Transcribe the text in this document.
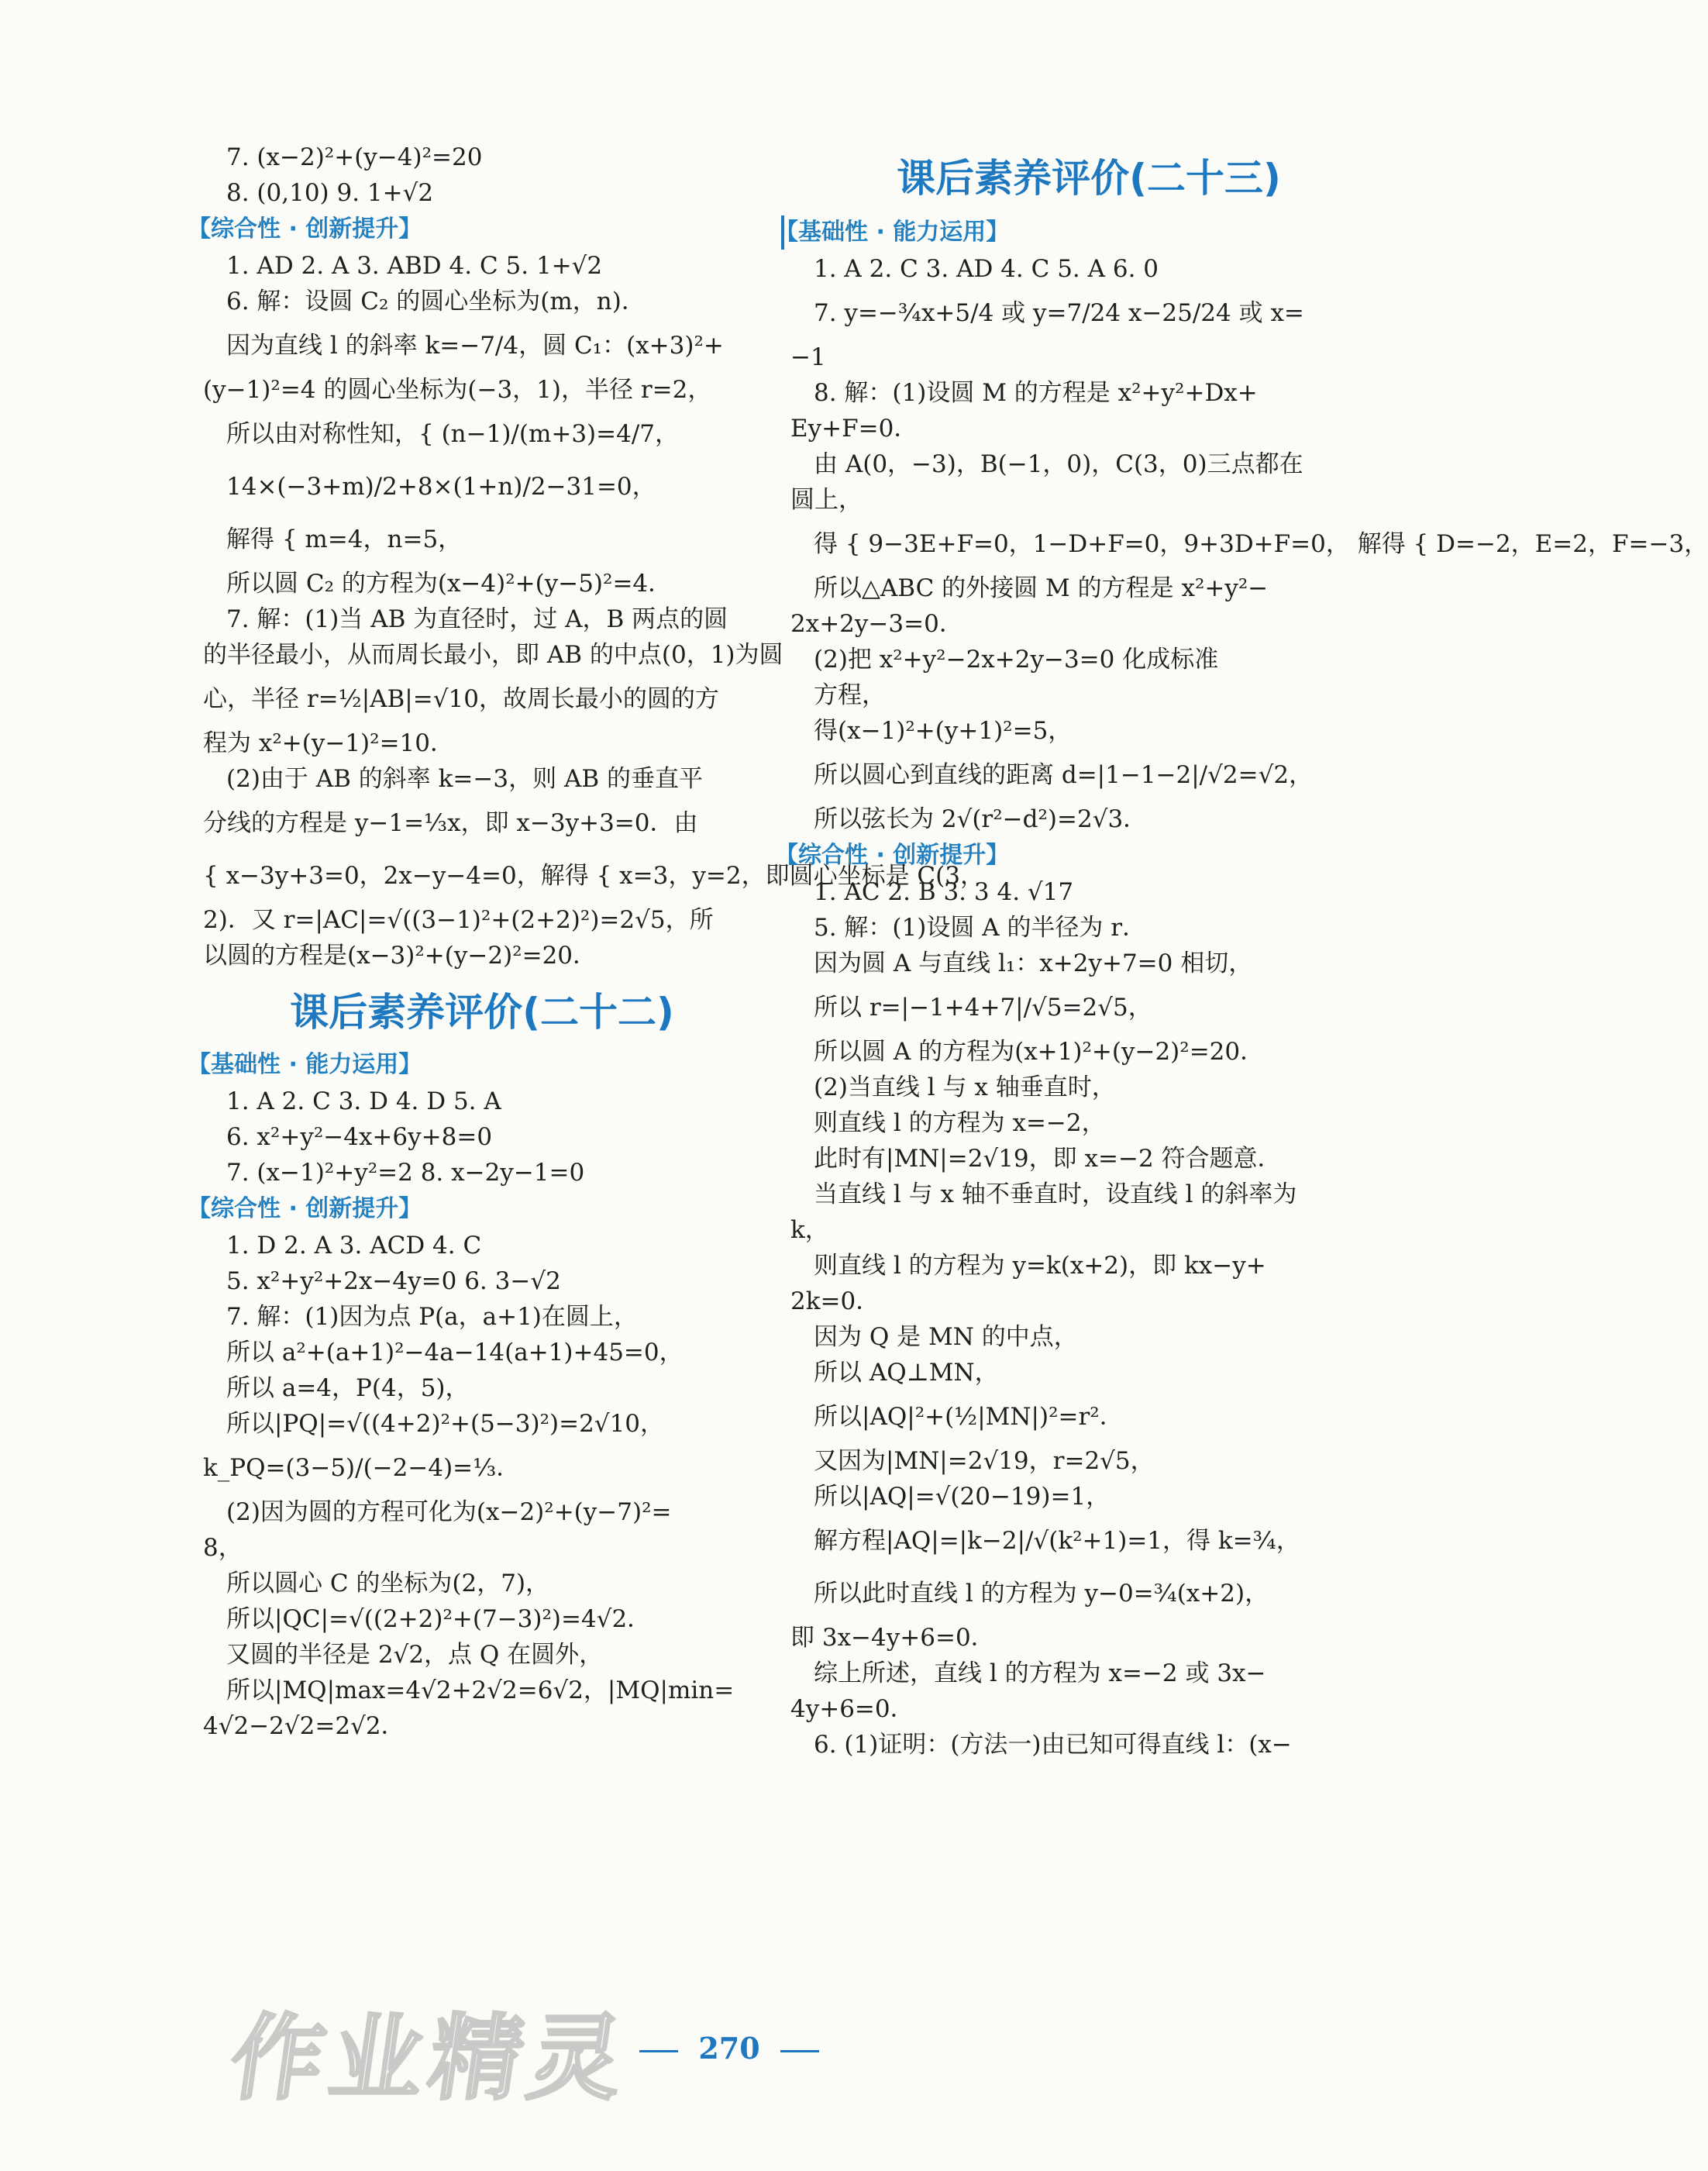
7. (x−2)²+(y−4)²=20
8. (0,10) 9. 1+√2
【综合性 · 创新提升】
1. AD 2. A 3. ABD 4. C 5. 1+√2
6. 解：设圆 C₂ 的圆心坐标为(m，n)．
因为直线 l 的斜率 k=−7/4，圆 C₁：(x+3)²+
(y−1)²=4 的圆心坐标为(−3，1)，半径 r=2，
所以由对称性知，{ (n−1)/(m+3)=4/7，
14×(−3+m)/2+8×(1+n)/2−31=0，
解得 { m=4，n=5，
所以圆 C₂ 的方程为(x−4)²+(y−5)²=4．
7. 解：(1)当 AB 为直径时，过 A，B 两点的圆
的半径最小，从而周长最小，即 AB 的中点(0，1)为圆
心，半径 r=½|AB|=√10，故周长最小的圆的方
程为 x²+(y−1)²=10．
(2)由于 AB 的斜率 k=−3，则 AB 的垂直平
分线的方程是 y−1=⅓x，即 x−3y+3=0．由
{ x−3y+3=0，2x−y−4=0，解得 { x=3，y=2，即圆心坐标是 C(3，
2)．又 r=|AC|=√((3−1)²+(2+2)²)=2√5，所
以圆的方程是(x−3)²+(y−2)²=20．
课后素养评价(二十二)
【基础性 · 能力运用】
1. A 2. C 3. D 4. D 5. A
6. x²+y²−4x+6y+8=0
7. (x−1)²+y²=2 8. x−2y−1=0
【综合性 · 创新提升】
1. D 2. A 3. ACD 4. C
5. x²+y²+2x−4y=0 6. 3−√2
7. 解：(1)因为点 P(a，a+1)在圆上，
所以 a²+(a+1)²−4a−14(a+1)+45=0，
所以 a=4，P(4，5)，
所以|PQ|=√((4+2)²+(5−3)²)=2√10，
k_PQ=(3−5)/(−2−4)=⅓．
(2)因为圆的方程可化为(x−2)²+(y−7)²=
8，
所以圆心 C 的坐标为(2，7)，
所以|QC|=√((2+2)²+(7−3)²)=4√2．
又圆的半径是 2√2，点 Q 在圆外，
所以|MQ|max=4√2+2√2=6√2，|MQ|min=
4√2−2√2=2√2．
课后素养评价(二十三)
【基础性 · 能力运用】
1. A 2. C 3. AD 4. C 5. A 6. 0
7. y=−¾x+5/4 或 y=7/24 x−25/24 或 x=
−1
8. 解：(1)设圆 M 的方程是 x²+y²+Dx+
Ey+F=0．
由 A(0，−3)，B(−1，0)，C(3，0)三点都在
圆上，
得 { 9−3E+F=0，1−D+F=0，9+3D+F=0， 解得 { D=−2，E=2，F=−3，
所以△ABC 的外接圆 M 的方程是 x²+y²−
2x+2y−3=0．
(2)把 x²+y²−2x+2y−3=0 化成标准
方程，
得(x−1)²+(y+1)²=5，
所以圆心到直线的距离 d=|1−1−2|/√2=√2，
所以弦长为 2√(r²−d²)=2√3．
【综合性 · 创新提升】
1. AC 2. B 3. 3 4. √17
5. 解：(1)设圆 A 的半径为 r．
因为圆 A 与直线 l₁：x+2y+7=0 相切，
所以 r=|−1+4+7|/√5=2√5，
所以圆 A 的方程为(x+1)²+(y−2)²=20．
(2)当直线 l 与 x 轴垂直时，
则直线 l 的方程为 x=−2，
此时有|MN|=2√19，即 x=−2 符合题意．
当直线 l 与 x 轴不垂直时，设直线 l 的斜率为
k，
则直线 l 的方程为 y=k(x+2)，即 kx−y+
2k=0．
因为 Q 是 MN 的中点，
所以 AQ⊥MN，
所以|AQ|²+(½|MN|)²=r²．
又因为|MN|=2√19，r=2√5，
所以|AQ|=√(20−19)=1，
解方程|AQ|=|k−2|/√(k²+1)=1，得 k=¾，
所以此时直线 l 的方程为 y−0=¾(x+2)，
即 3x−4y+6=0．
综上所述，直线 l 的方程为 x=−2 或 3x−
4y+6=0．
6. (1)证明：(方法一)由已知可得直线 l：(x−
270
作业精灵
